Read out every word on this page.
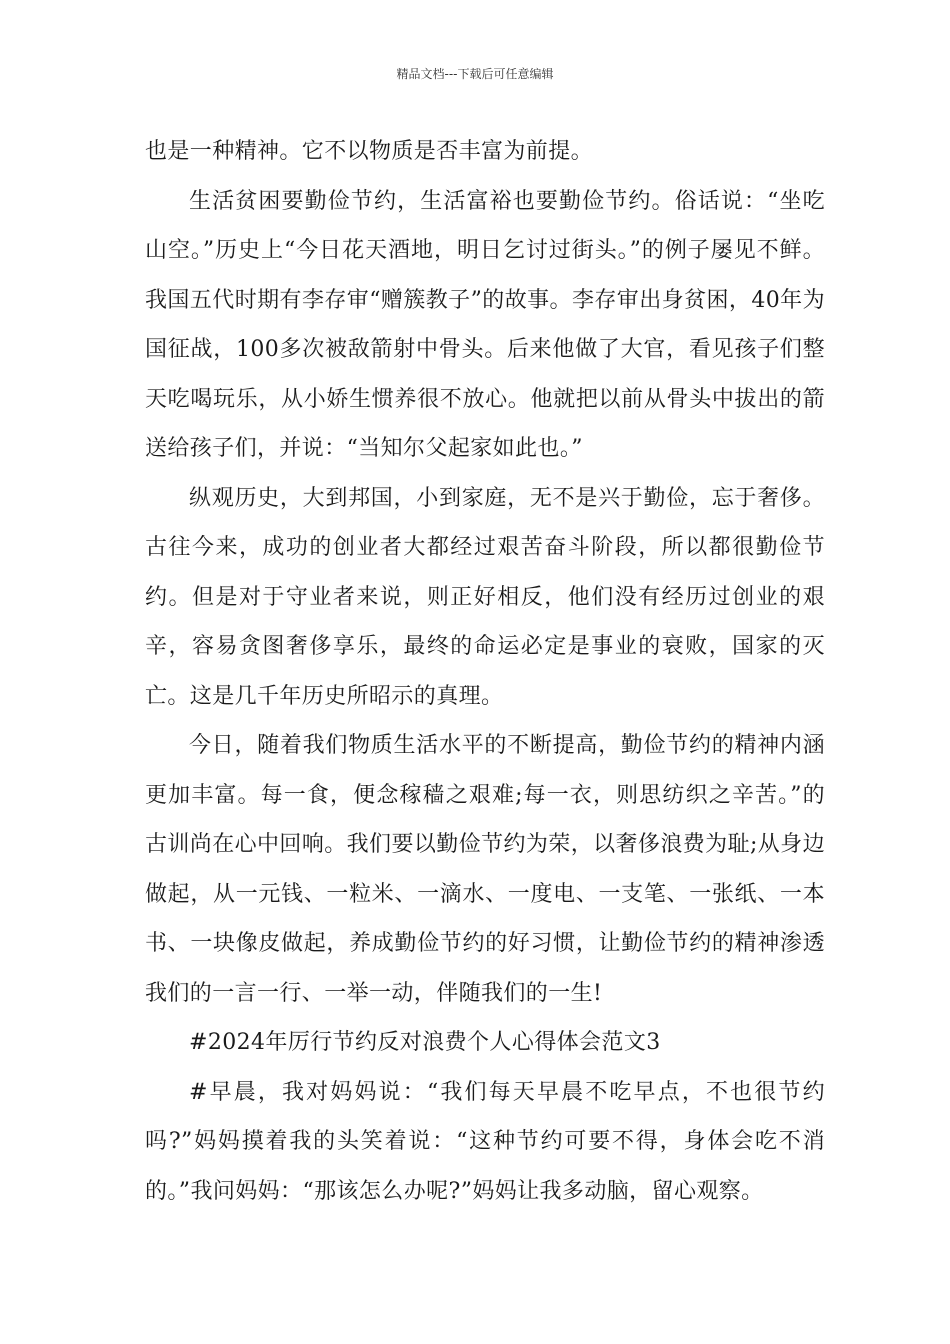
精品文档---下载后可任意编辑

也是一种精神。它不以物质是否丰富为前提。

生活贫困要勤俭节约，生活富裕也要勤俭节约。俗话说：“坐吃山空。”历史上“今日花天酒地，明日乞讨过街头。”的例子屡见不鲜。我国五代时期有李存审“赠簇教子”的故事。李存审出身贫困，40年为国征战，100多次被敌箭射中骨头。后来他做了大官，看见孩子们整天吃喝玩乐，从小娇生惯养很不放心。他就把以前从骨头中拔出的箭送给孩子们，并说：“当知尔父起家如此也。”

纵观历史，大到邦国，小到家庭，无不是兴于勤俭，忘于奢侈。古往今来，成功的创业者大都经过艰苦奋斗阶段，所以都很勤俭节约。但是对于守业者来说，则正好相反，他们没有经历过创业的艰辛，容易贪图奢侈享乐，最终的命运必定是事业的衰败，国家的灭亡。这是几千年历史所昭示的真理。

今日，随着我们物质生活水平的不断提高，勤俭节约的精神内涵更加丰富。每一食，便念稼穑之艰难;每一衣，则思纺织之辛苦。”的古训尚在心中回响。我们要以勤俭节约为荣，以奢侈浪费为耻;从身边做起，从一元钱、一粒米、一滴水、一度电、一支笔、一张纸、一本书、一块像皮做起，养成勤俭节约的好习惯，让勤俭节约的精神渗透我们的一言一行、一举一动，伴随我们的一生!

#2024年厉行节约反对浪费个人心得体会范文3

#早晨，我对妈妈说：“我们每天早晨不吃早点，不也很节约吗?”妈妈摸着我的头笑着说：“这种节约可要不得，身体会吃不消的。”我问妈妈：“那该怎么办呢?”妈妈让我多动脑，留心观察。
